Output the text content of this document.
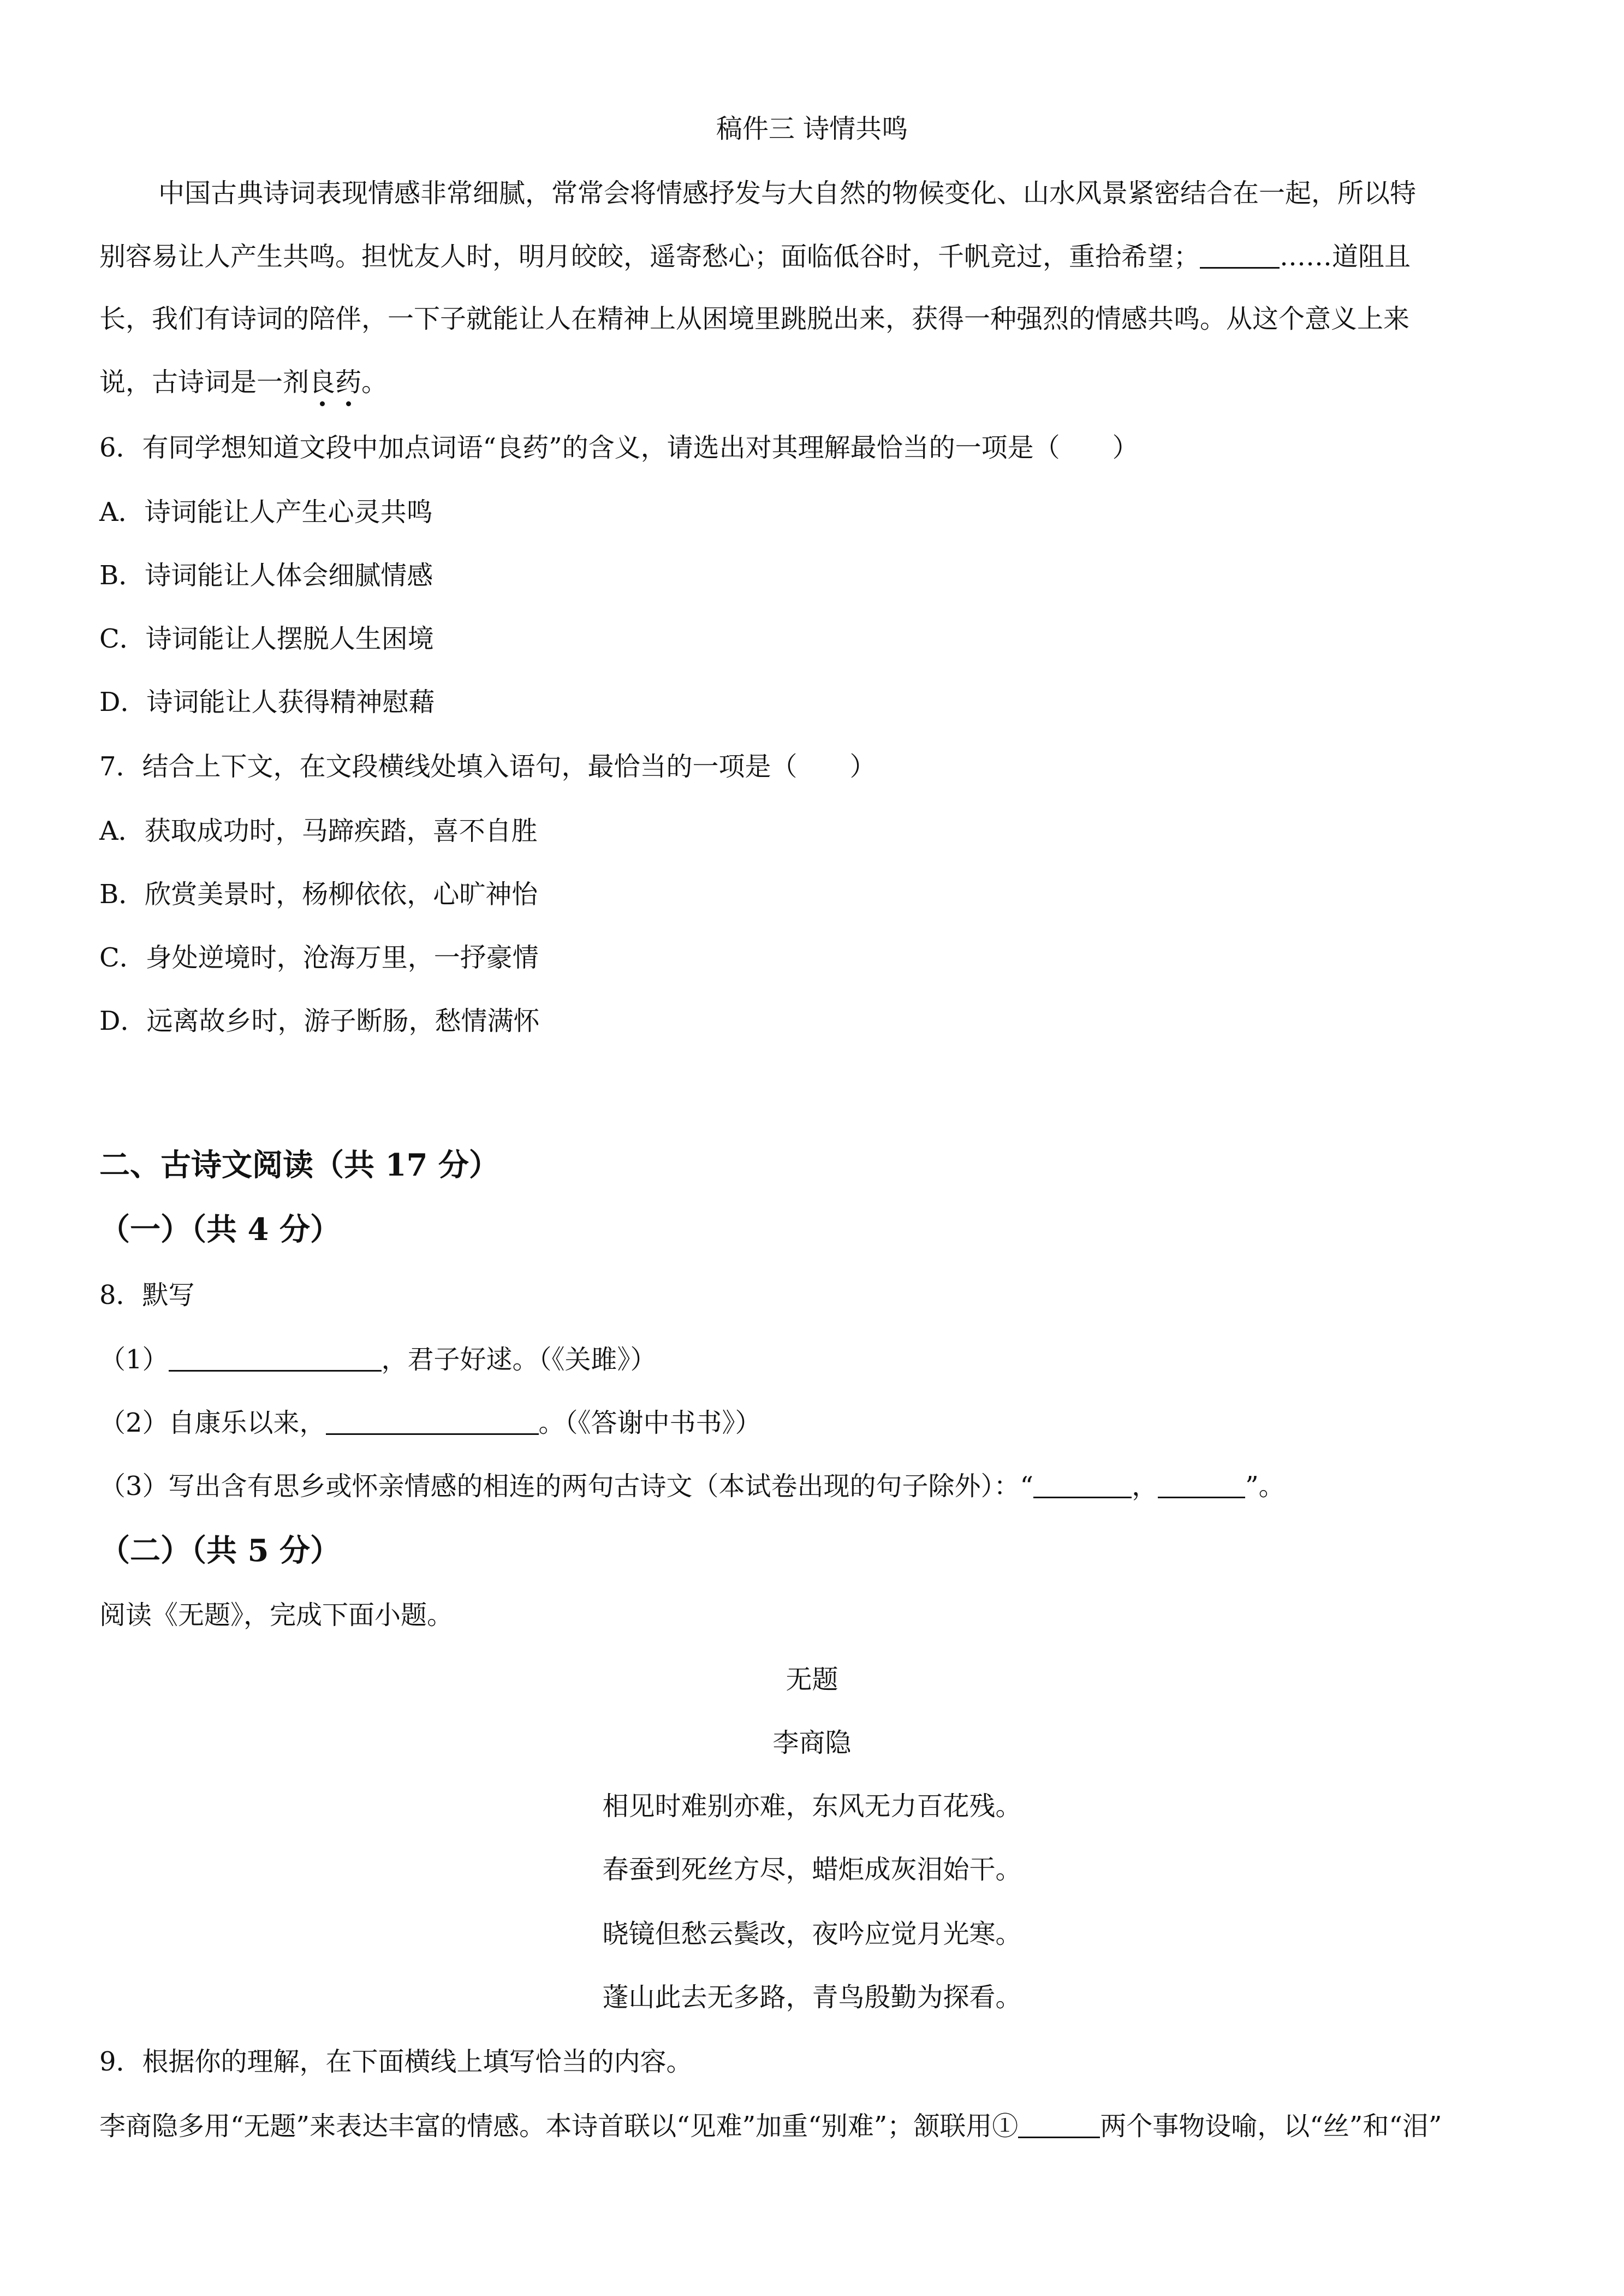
稿件三 诗情共鸣
中国古典诗词表现情感非常细腻，常常会将情感抒发与大自然的物候变化、山水风景紧密结合在一起，所以特
别容易让人产生共鸣。担忧友人时，明月皎皎，遥寄愁心；面临低谷时，千帆竞过，重拾希望；	……道阻且
长，我们有诗词的陪伴，一下子就能让人在精神上从困境里跳脱出来，获得一种强烈的情感共鸣。从这个意义上来
说，古诗词是一剂良药。
6．有同学想知道文段中加点词语“良药”的含义，请选出对其理解最恰当的一项是（　　）
A．诗词能让人产生心灵共鸣
B．诗词能让人体会细腻情感
C．诗词能让人摆脱人生困境
D．诗词能让人获得精神慰藉
7．结合上下文，在文段横线处填入语句，最恰当的一项是（　　）
A．获取成功时，马蹄疾踏，喜不自胜
B．欣赏美景时，杨柳依依，心旷神怡
C．身处逆境时，沧海万里，一抒豪情
D．远离故乡时，游子断肠，愁情满怀
二、古诗文阅读（共 17 分）
（一）（共 4 分）
8．默写
（1）	，君子好逑。（《关雎》）
（2）自康乐以来，	。（《答谢中书书》）
（3）写出含有思乡或怀亲情感的相连的两句古诗文（本试卷出现的句子除外）：“	，	”。
（二）（共 5 分）
阅读《无题》，完成下面小题。
无题
李商隐
相见时难别亦难，东风无力百花残。
春蚕到死丝方尽，蜡炬成灰泪始干。
晓镜但愁云鬓改，夜吟应觉月光寒。
蓬山此去无多路，青鸟殷勤为探看。
9．根据你的理解，在下面横线上填写恰当的内容。
李商隐多用“无题”来表达丰富的情感。本诗首联以“见难”加重“别难”；颔联用①	两个事物设喻，以“丝”和“泪”
